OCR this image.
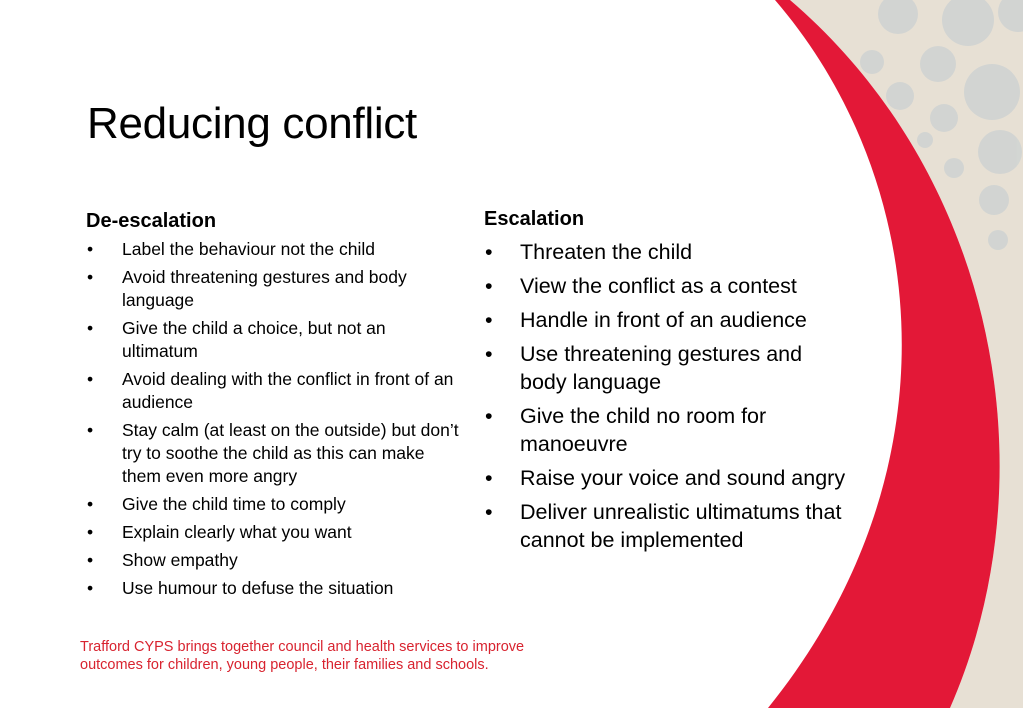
Reducing conflict

De-escalation

• Label the behaviour not the child
• Avoid threatening gestures and body language
• Give the child a choice, but not an ultimatum
• Avoid dealing with the conflict in front of an audience
• Stay calm (at least on the outside) but don’t try to soothe the child as this can make them even more angry
• Give the child time to comply
• Explain clearly what you want
• Show empathy
• Use humour to defuse the situation

Escalation

• Threaten the child
• View the conflict as a contest
• Handle in front of an audience
• Use threatening gestures and body language
• Give the child no room for manoeuvre
• Raise your voice and sound angry
• Deliver unrealistic ultimatums that cannot be implemented
Trafford CYPS brings together council and health services to improve
outcomes for children, young people, their families and schools.
